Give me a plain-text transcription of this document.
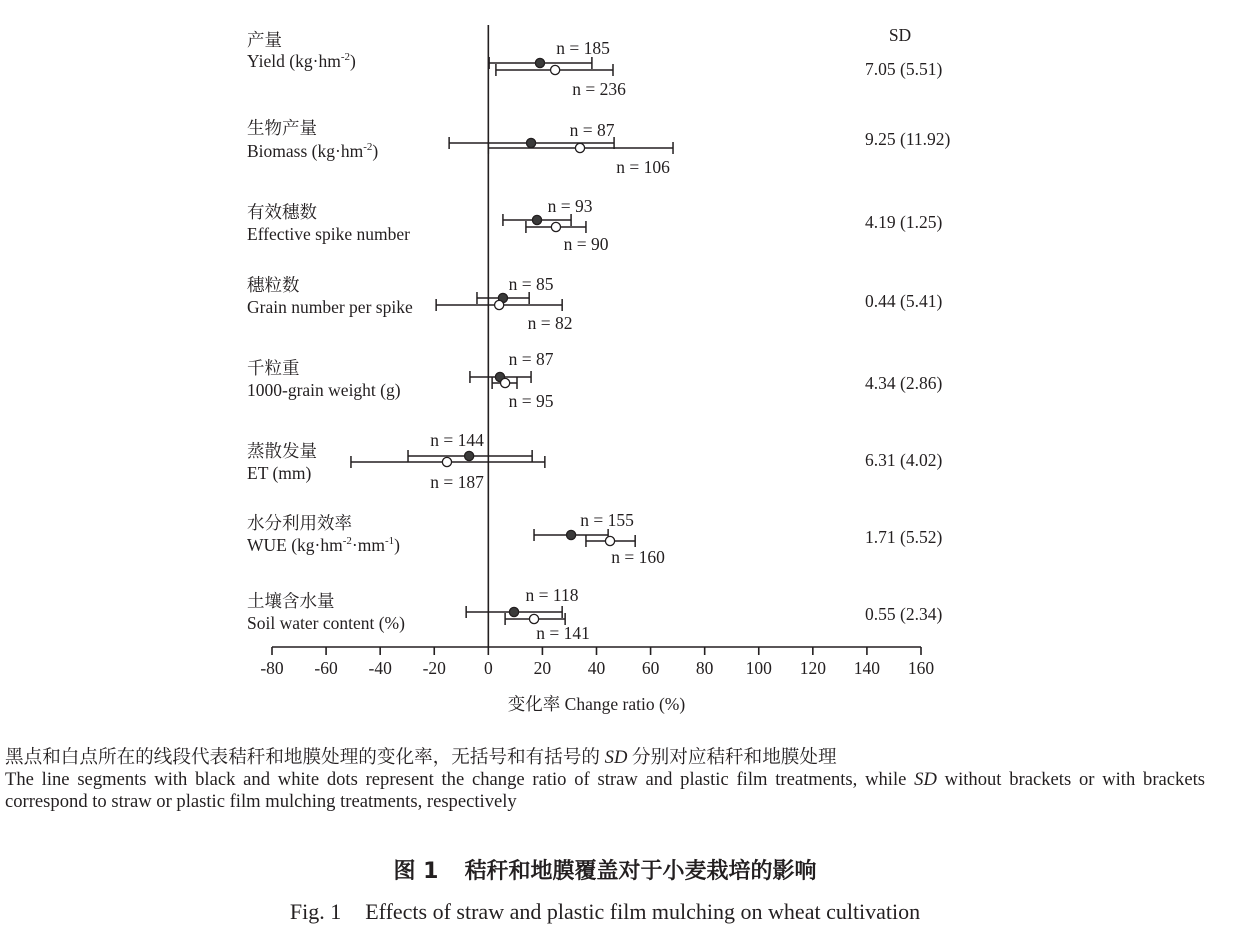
-80 -60 -40 -20 0 20 40 60 80 100 120 140 160
变化率 Change ratio (%)
SD
产量
Yield $(kg\cdot hm^{-2})$
n = 185
n = 236
7.05 (5.51)
生物产量
Biomass $(kg\cdot hm^{-2})$
n = 87
n = 106
9.25 (11.92)
有效穗数
Effective spike number
n = 93
n = 90
4.19 (1.25)
穗粒数
Grain number per spike
n = 85
n = 82
0.44 (5.41)
千粒重
1000-grain weight (g)
n = 87
n = 95
4.34 (2.86)
蒸散发量
ET (mm)
n = 144
n = 187
6.31 (4.02)
水分利用效率
WUE $(kg\cdot hm^{-2}\cdot mm^{-1})$
n = 155
n = 160
1.71 (5.52)
土壤含水量
Soil water content (%)
n = 118
n = 141
0.55 (2.34)

黑点和白点所在的线段代表秸秆和地膜处理的变化率，无括号和有括号的 SD 分别对应秸秆和地膜处理

The line segments with black and white dots represent the change ratio of straw and plastic film treatments, while SD without brackets or with brackets correspond to straw or plastic film mulching treatments, respectively

图 1 秸秆和地膜覆盖对于小麦栽培的影响
Fig. 1 Effects of straw and plastic film mulching on wheat cultivation
